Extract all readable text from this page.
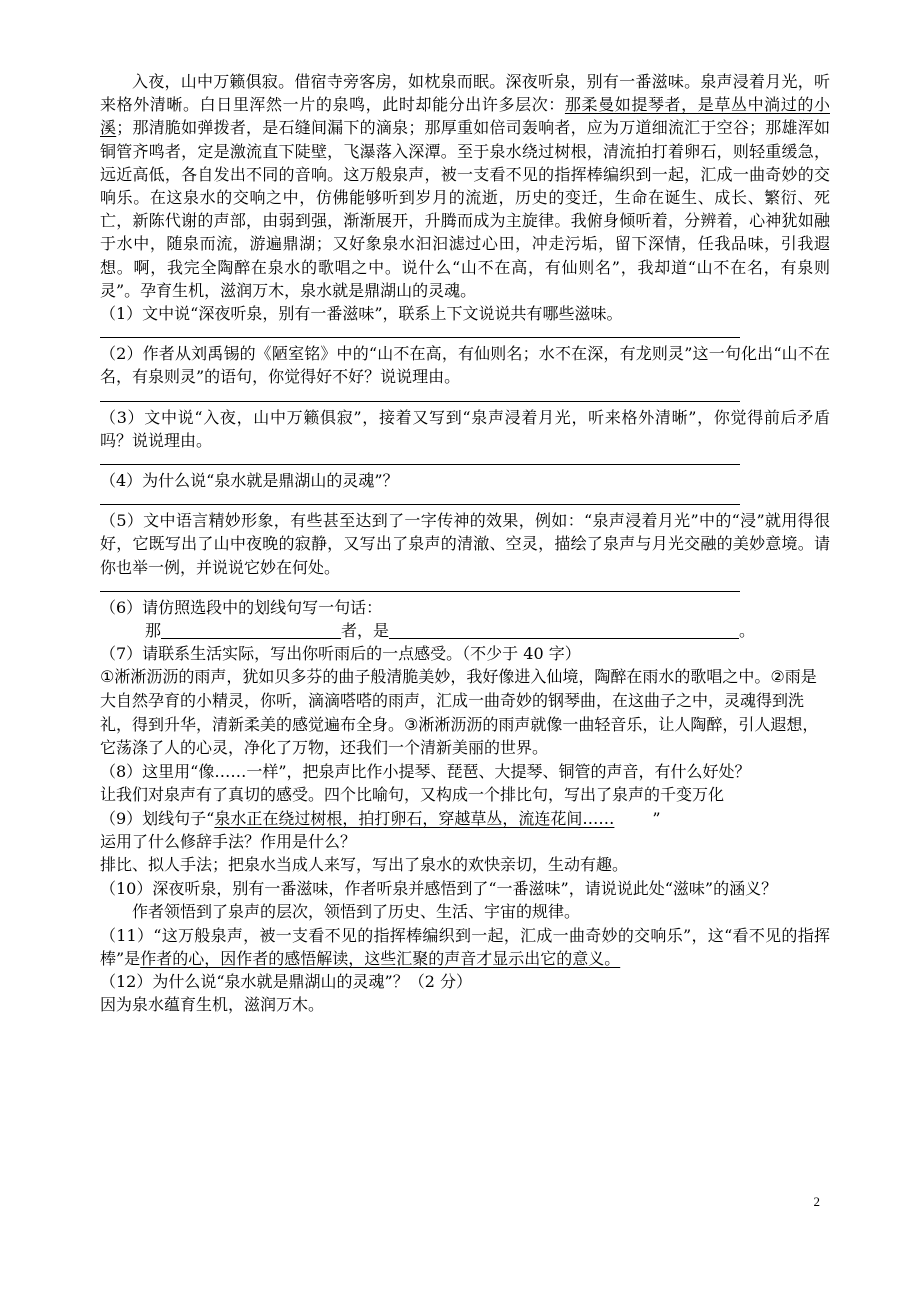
入夜，山中万籁俱寂。借宿寺旁客房，如枕泉而眠。深夜听泉，别有一番滋味。泉声浸着月光，听来格外清晰。白日里浑然一片的泉鸣，此时却能分出许多层次：那柔曼如提琴者，是草丛中淌过的小溪；那清脆如弹拨者，是石缝间漏下的滴泉；那厚重如倍司轰响者，应为万道细流汇于空谷；那雄浑如铜管齐鸣者，定是激流直下陡壁，飞瀑落入深潭。至于泉水绕过树根，清流拍打着卵石，则轻重缓急，远近高低，各自发出不同的音响。这万般泉声，被一支看不见的指挥棒编织到一起，汇成一曲奇妙的交响乐。在这泉水的交响之中，仿佛能够听到岁月的流逝，历史的变迁，生命在诞生、成长、繁衍、死亡，新陈代谢的声部，由弱到强，渐渐展开，升腾而成为主旋律。我俯身倾听着，分辨着，心神犹如融于水中，随泉而流，游遍鼎湖；又好象泉水汩汩滤过心田，冲走污垢，留下深情，任我品味，引我遐想。啊，我完全陶醉在泉水的歌唱之中。说什么“山不在高，有仙则名”，我却道“山不在名，有泉则灵”。孕育生机，滋润万木，泉水就是鼎湖山的灵魂。

（1）文中说“深夜听泉，别有一番滋味”，联系上下文说说共有哪些滋味。

（2）作者从刘禹锡的《陋室铭》中的“山不在高，有仙则名；水不在深，有龙则灵”这一句化出“山不在名，有泉则灵”的语句，你觉得好不好？说说理由。

（3）文中说“入夜，山中万籁俱寂”，接着又写到“泉声浸着月光，听来格外清晰”，你觉得前后矛盾吗？说说理由。

（4）为什么说“泉水就是鼎湖山的灵魂”？

（5）文中语言精妙形象，有些甚至达到了一字传神的效果，例如：“泉声浸着月光”中的“浸”就用得很好，它既写出了山中夜晚的寂静，又写出了泉声的清澈、空灵，描绘了泉声与月光交融的美妙意境。请你也举一例，并说说它妙在何处。

（6）请仿照选段中的划线句写一句话：

那	者，是	。

（7）请联系生活实际，写出你听雨后的一点感受。（不少于 40 字）

①淅淅沥沥的雨声，犹如贝多芬的曲子般清脆美妙，我好像进入仙境，陶醉在雨水的歌唱之中。②雨是大自然孕育的小精灵，你听，滴滴嗒嗒的雨声，汇成一曲奇妙的钢琴曲，在这曲子之中，灵魂得到洗礼，得到升华，清新柔美的感觉遍布全身。③淅淅沥沥的雨声就像一曲轻音乐，让人陶醉，引人遐想，它荡涤了人的心灵，净化了万物，还我们一个清新美丽的世界。

（8）这里用“像……一样”，把泉声比作小提琴、琵琶、大提琴、铜管的声音，有什么好处？

让我们对泉声有了真切的感受。四个比喻句，又构成一个排比句，写出了泉声的千变万化

（9）划线句子“泉水正在绕过树根，拍打卵石，穿越草丛，流连花间…… ”

运用了什么修辞手法？作用是什么？

排比、拟人手法；把泉水当成人来写，写出了泉水的欢快亲切，生动有趣。

（10）深夜听泉，别有一番滋味，作者听泉并感悟到了“一番滋味”，请说说此处“滋味”的涵义？

作者领悟到了泉声的层次，领悟到了历史、生活、宇宙的规律。

（11）“这万般泉声，被一支看不见的指挥棒编织到一起，汇成一曲奇妙的交响乐”，这“看不见的指挥棒”是作者的心，因作者的感悟解读，这些汇聚的声音才显示出它的意义。

（12）为什么说“泉水就是鼎湖山的灵魂”？（2 分）

因为泉水蕴育生机，滋润万木。

2
